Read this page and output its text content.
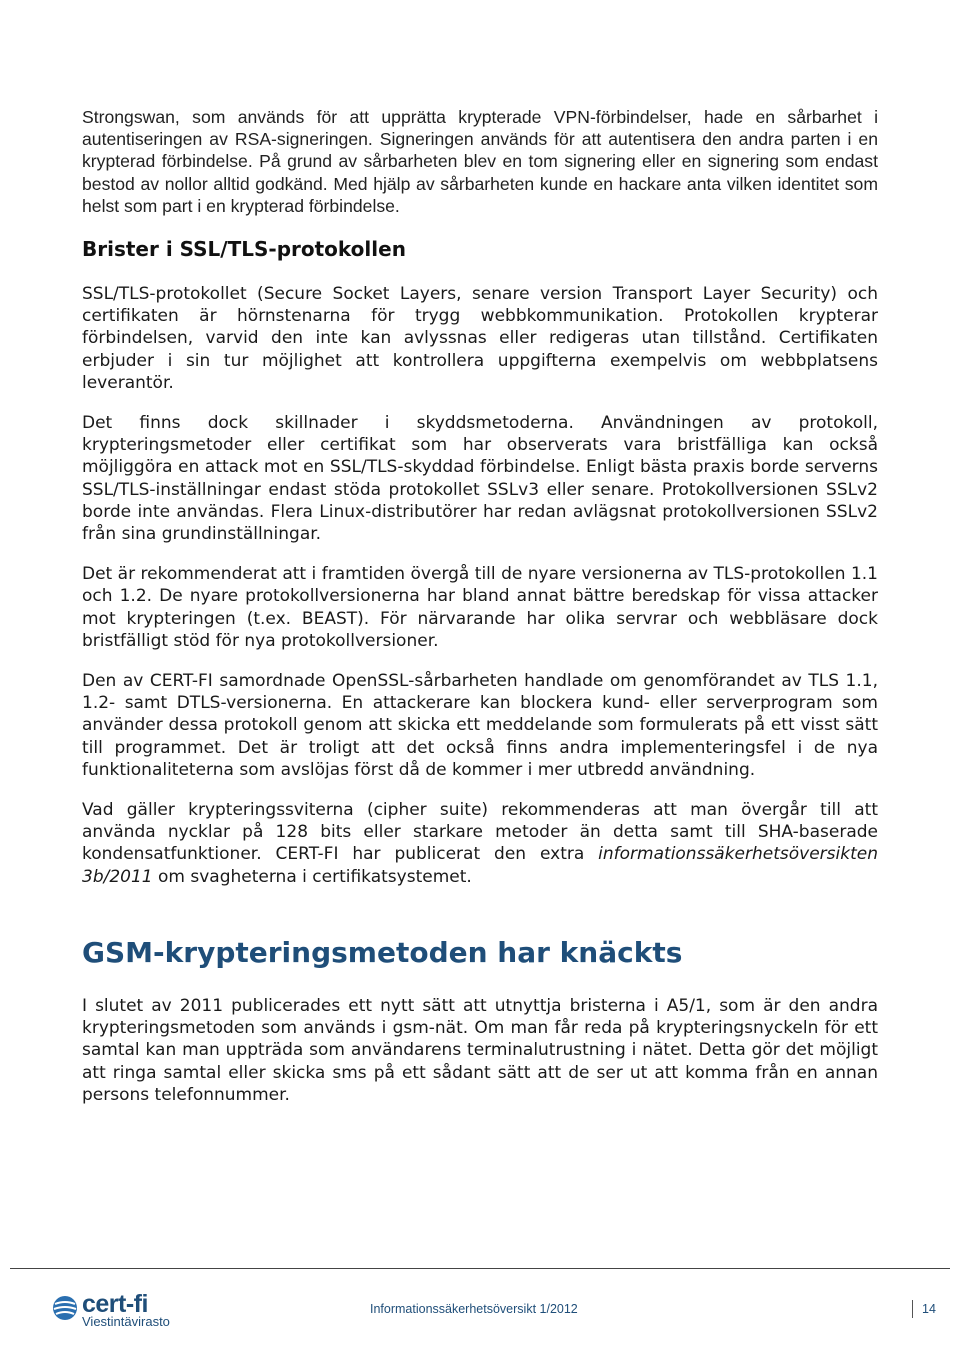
Strongswan, som används för att upprätta krypterade VPN-förbindelser, hade en sårbarhet i autentiseringen av RSA-signeringen. Signeringen används för att autentisera den andra parten i en krypterad förbindelse. På grund av sårbarheten blev en tom signering eller en signering som endast bestod av nollor alltid godkänd. Med hjälp av sårbarheten kunde en hackare anta vilken identitet som helst som part i en krypterad förbindelse.

Brister i SSL/TLS-protokollen

SSL/TLS-protokollet (Secure Socket Layers, senare version Transport Layer Security) och certifikaten är hörnstenarna för trygg webbkommunikation. Protokollen krypterar förbindelsen, varvid den inte kan avlyssnas eller redigeras utan tillstånd. Certifikaten erbjuder i sin tur möjlighet att kontrollera uppgifterna exempelvis om webbplatsens leverantör.

Det finns dock skillnader i skyddsmetoderna. Användningen av protokoll, krypteringsmetoder eller certifikat som har observerats vara bristfälliga kan också möjliggöra en attack mot en SSL/TLS-skyddad förbindelse. Enligt bästa praxis borde serverns SSL/TLS-inställningar endast stöda protokollet SSLv3 eller senare. Protokollversionen SSLv2 borde inte användas. Flera Linux-distributörer har redan avlägsnat protokollversionen SSLv2 från sina grundinställningar.

Det är rekommenderat att i framtiden övergå till de nyare versionerna av TLS-protokollen 1.1 och 1.2. De nyare protokollversionerna har bland annat bättre beredskap för vissa attacker mot krypteringen (t.ex. BEAST). För närvarande har olika servrar och webbläsare dock bristfälligt stöd för nya protokollversioner.

Den av CERT-FI samordnade OpenSSL-sårbarheten handlade om genomförandet av TLS 1.1, 1.2- samt DTLS-versionerna. En attackerare kan blockera kund- eller serverprogram som använder dessa protokoll genom att skicka ett meddelande som formulerats på ett visst sätt till programmet. Det är troligt att det också finns andra implementeringsfel i de nya funktionaliteterna som avslöjas först då de kommer i mer utbredd användning.

Vad gäller krypteringssviterna (cipher suite) rekommenderas att man övergår till att använda nycklar på 128 bits eller starkare metoder än detta samt till SHA-baserade kondensatfunktioner. CERT-FI har publicerat den extra informationssäkerhetsöversikten 3b/2011 om svagheterna i certifikatsystemet.

GSM-krypteringsmetoden har knäckts

I slutet av 2011 publicerades ett nytt sätt att utnyttja bristerna i A5/1, som är den andra krypteringsmetoden som används i gsm-nät. Om man får reda på krypteringsnyckeln för ett samtal kan man uppträda som användarens terminalutrustning i nätet. Detta gör det möjligt att ringa samtal eller skicka sms på ett sådant sätt att de ser ut att komma från en annan persons telefonnummer.

cert-fi
Viestintävirasto
Informationssäkerhetsöversikt 1/2012	14
